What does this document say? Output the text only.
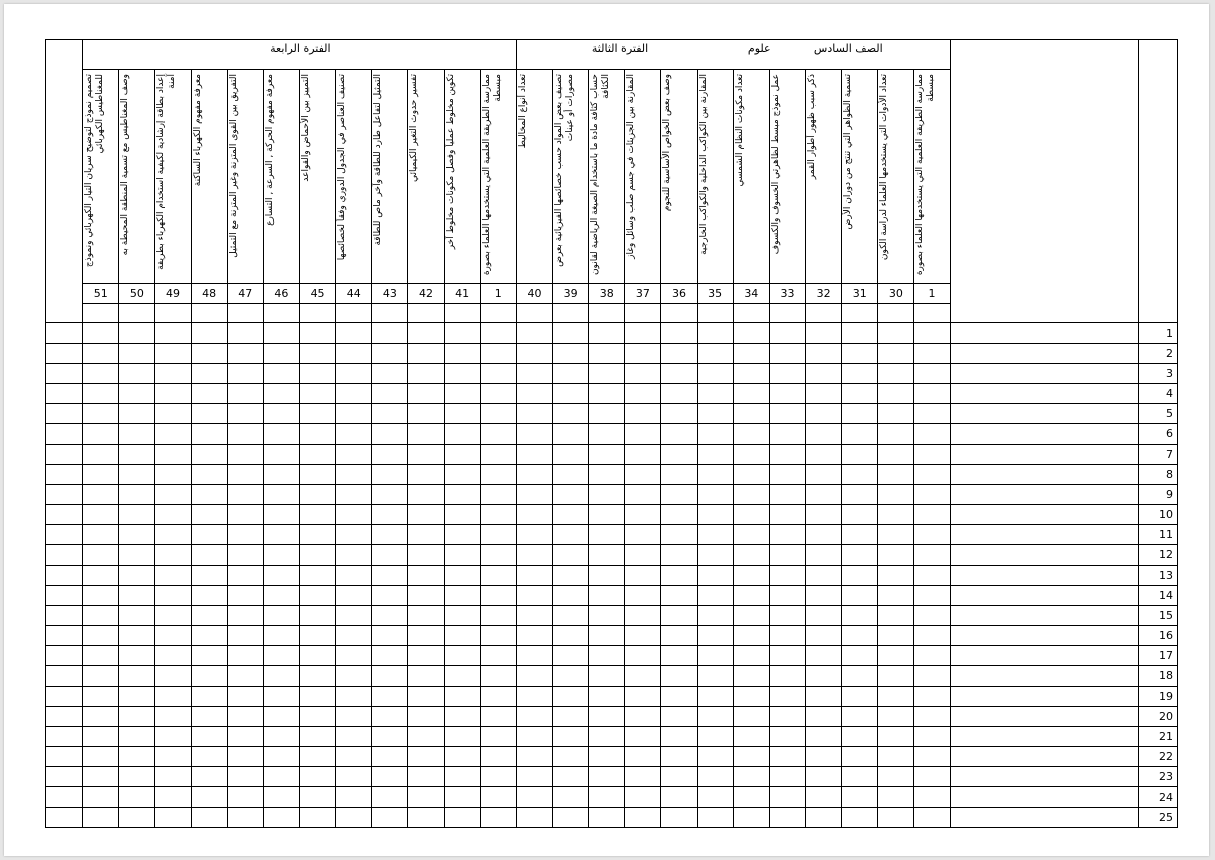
	الفترة الرابعة												الفترة الثالثة علوم الصف السادس													

	تصميم نموذج لتوضيح سريان التيار الكهربائي ونموذج للمغناطيس الكهربائي	وصف المغناطيس مع تسمية المنطقة المحيطة به	إعداد بطاقة إرشادية لكيفية استخدام الكهرباء بطريقة آمنة	معرفة مفهوم الكهرباء الساكنة	التفريق بين القوى المتزنة وغير المتزنة مع التمثيل	معرفة مفهوم الحركة , السرعة , التسارع	التمييز بين الأحماض والقواعد	تصنيف العناصر في الجدول الدوري وفقاً لخصائصها	التمثيل لتفاعل طارد للطاقة وآخر ماص للطاقة	تفسير حدوث التغير الكيميائي	تكوين مخلوط عملياً وفصل مكونات مخلوط آخر	ممارسة الطريقة العلمية التي يستخدمها العلماء بصورة مبسطة	تعداد أنواع المخاليط	تصنيف بعض المواد حسب خصائصها الفيزيائية بعرض مصورات أو عينات	حساب كثافة مادة ما باستخدام الصيغة الرياضية لقانون الكثافة	المقارنة بين الجزيئات في جسم صلب وسائل وغاز	وصف بعض الخواص الأساسية للنجوم	المقارنة بين الكواكب الداخلية والكواكب الخارجية	تعداد مكونات النظام الشمسي	عمل نموذج مبسط لظاهرتي الخسوف والكسوف	ذكر سبب ظهور أطوار القمر	تسمية الظواهر التي تنتج من دوران الأرض	تعداد الأدوات التي يستخدمها العلماء لدراسة الكون	ممارسة الطريقة العلمية التي يستخدمها العلماء بصورة مبسطة		

	51	50	49	48	47	46	45	44	43	42	41	1	40	39	38	37	36	35	34	33	32	31	30	1		

																										1
																										2
																										3
																										4
																										5
																										6
																										7
																										8
																										9
																										10
																										11
																										12
																										13
																										14
																										15
																										16
																										17
																										18
																										19
																										20
																										21
																										22
																										23
																										24
																										25
